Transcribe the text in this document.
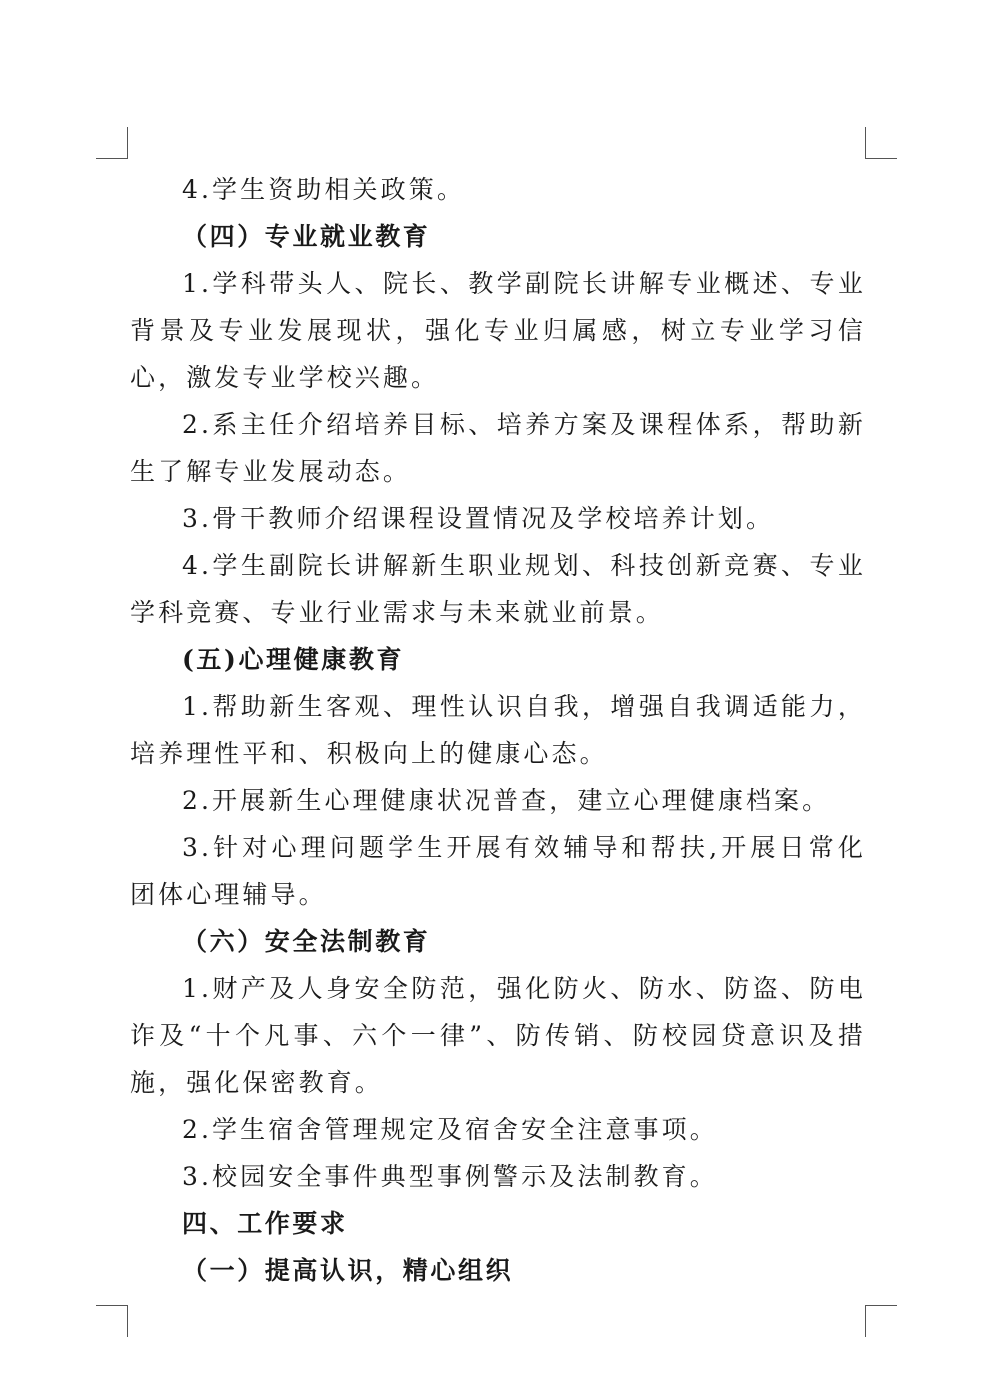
4.学生资助相关政策。

（四）专业就业教育

1.学科带头人、院长、教学副院长讲解专业概述、专业背景及专业发展现状，强化专业归属感，树立专业学习信心，激发专业学校兴趣。

2.系主任介绍培养目标、培养方案及课程体系，帮助新生了解专业发展动态。

3.骨干教师介绍课程设置情况及学校培养计划。

4.学生副院长讲解新生职业规划、科技创新竞赛、专业学科竞赛、专业行业需求与未来就业前景。

(五)心理健康教育

1.帮助新生客观、理性认识自我，增强自我调适能力，培养理性平和、积极向上的健康心态。

2.开展新生心理健康状况普查，建立心理健康档案。

3.针对心理问题学生开展有效辅导和帮扶,开展日常化团体心理辅导。

（六）安全法制教育

1.财产及人身安全防范，强化防火、防水、防盗、防电诈及“十个凡事、六个一律”、防传销、防校园贷意识及措施，强化保密教育。

2.学生宿舍管理规定及宿舍安全注意事项。

3.校园安全事件典型事例警示及法制教育。

四、工作要求

（一）提高认识，精心组织
